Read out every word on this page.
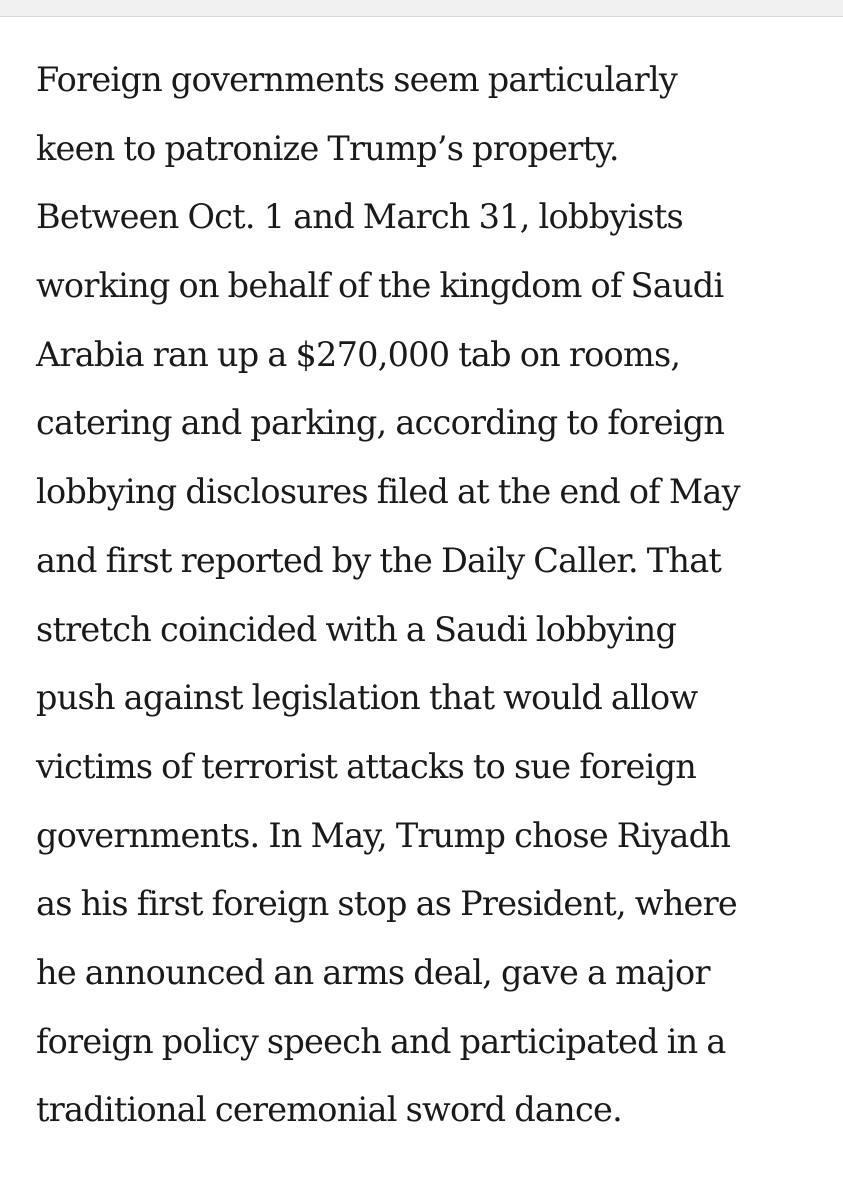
Foreign governments seem particularly
keen to patronize Trump’s property.
Between Oct. 1 and March 31, lobbyists
working on behalf of the kingdom of Saudi
Arabia ran up a $270,000 tab on rooms,
catering and parking, according to foreign
lobbying disclosures filed at the end of May
and first reported by the Daily Caller. That
stretch coincided with a Saudi lobbying
push against legislation that would allow
victims of terrorist attacks to sue foreign
governments. In May, Trump chose Riyadh
as his first foreign stop as President, where
he announced an arms deal, gave a major
foreign policy speech and participated in a
traditional ceremonial sword dance.
